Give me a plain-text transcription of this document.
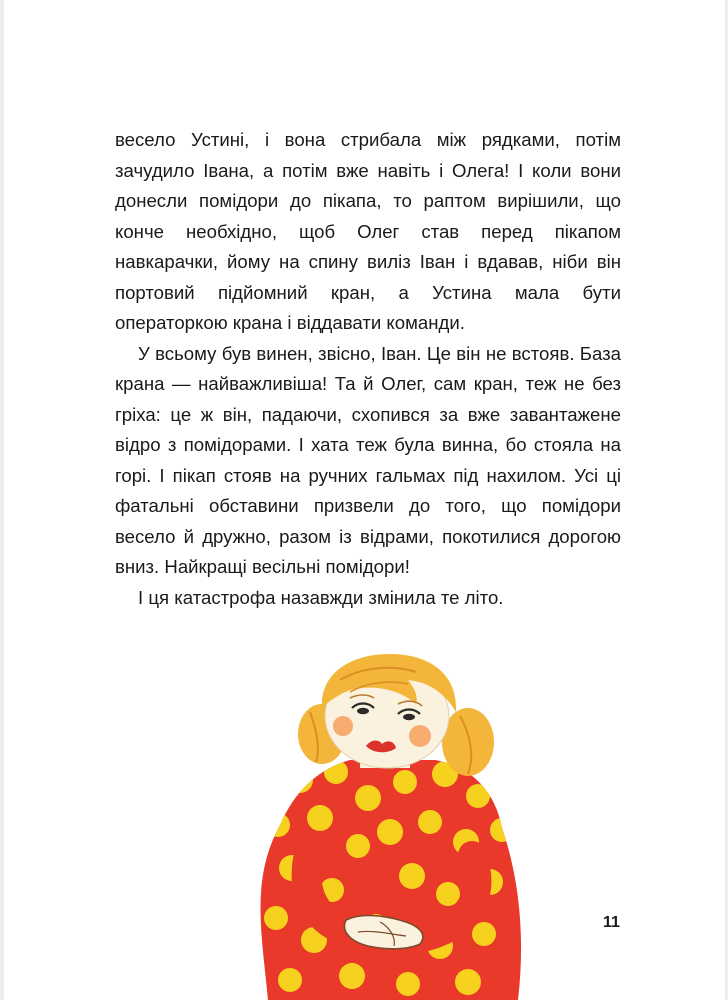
весело Устині, і вона стрибала між рядками, потім зачудило Івана, а потім вже навіть і Олега! І коли вони донесли помідори до пікапа, то раптом вирішили, що конче необхідно, щоб Олег став перед пікапом навкарачки, йому на спину виліз Іван і вдавав, ніби він портовий підйомний кран, а Устина мала бути операторкою крана і віддавати команди.

У всьому був винен, звісно, Іван. Це він не встояв. База крана — найважливіша! Та й Олег, сам кран, теж не без гріха: це ж він, падаючи, схопився за вже завантажене відро з помідорами. І хата теж була винна, бо стояла на горі. І пікап стояв на ручних гальмах під нахилом. Усі ці фатальні обставини призвели до того, що помідори весело й дружно, разом із відрами, покотилися дорогою вниз. Найкращі весільні помідори!

І ця катастрофа назавжди змінила те літо.

11
